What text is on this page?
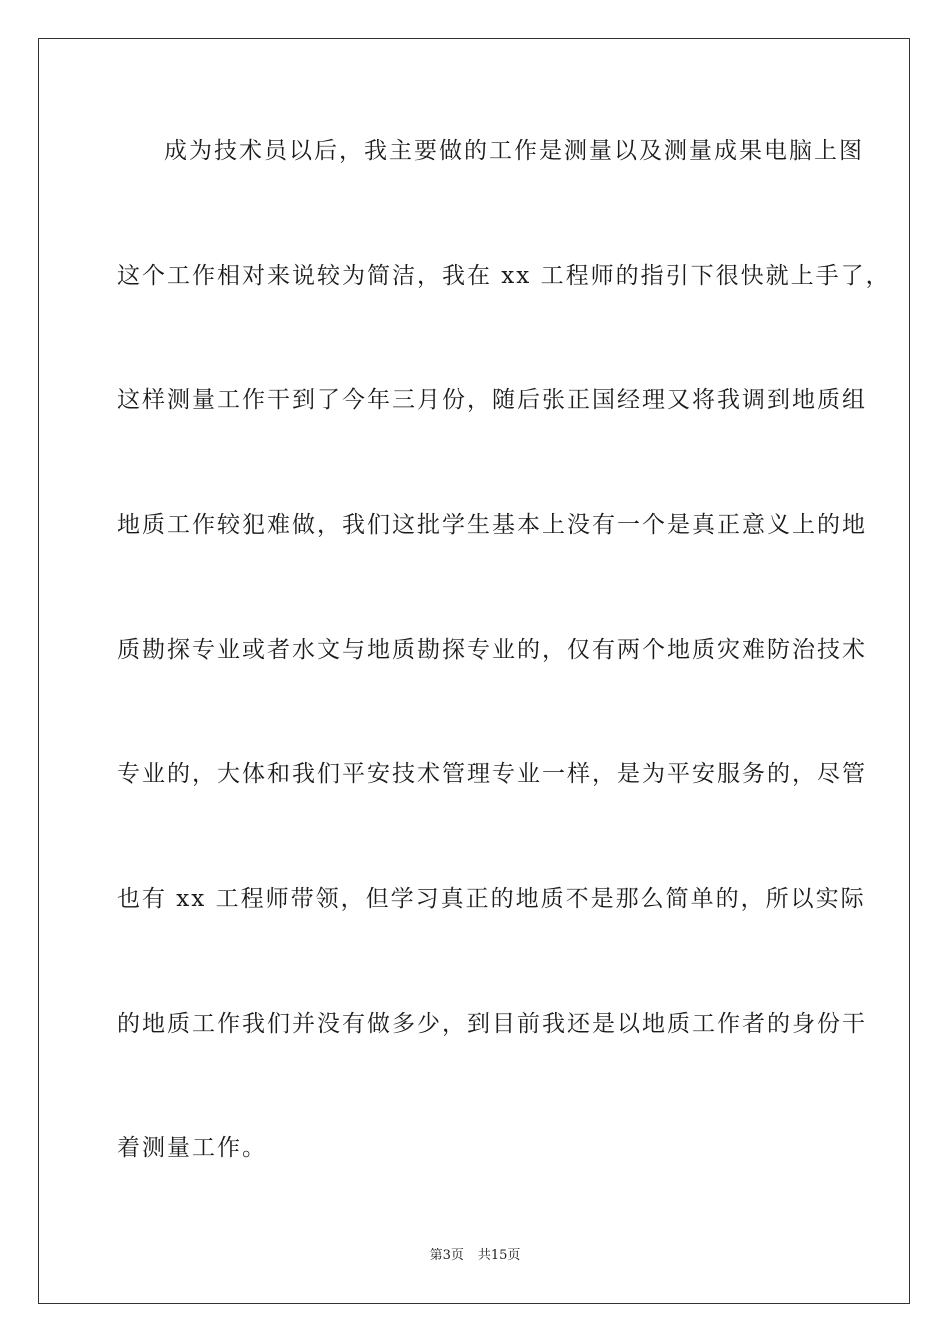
成为技术员以后，我主要做的工作是测量以及测量成果电脑上图
这个工作相对来说较为简洁，我在 xx 工程师的指引下很快就上手了，
这样测量工作干到了今年三月份，随后张正国经理又将我调到地质组
地质工作较犯难做，我们这批学生基本上没有一个是真正意义上的地
质勘探专业或者水文与地质勘探专业的，仅有两个地质灾难防治技术
专业的，大体和我们平安技术管理专业一样，是为平安服务的，尽管
也有 xx 工程师带领，但学习真正的地质不是那么简单的，所以实际
的地质工作我们并没有做多少，到目前我还是以地质工作者的身份干
着测量工作。
第3页 共15页
